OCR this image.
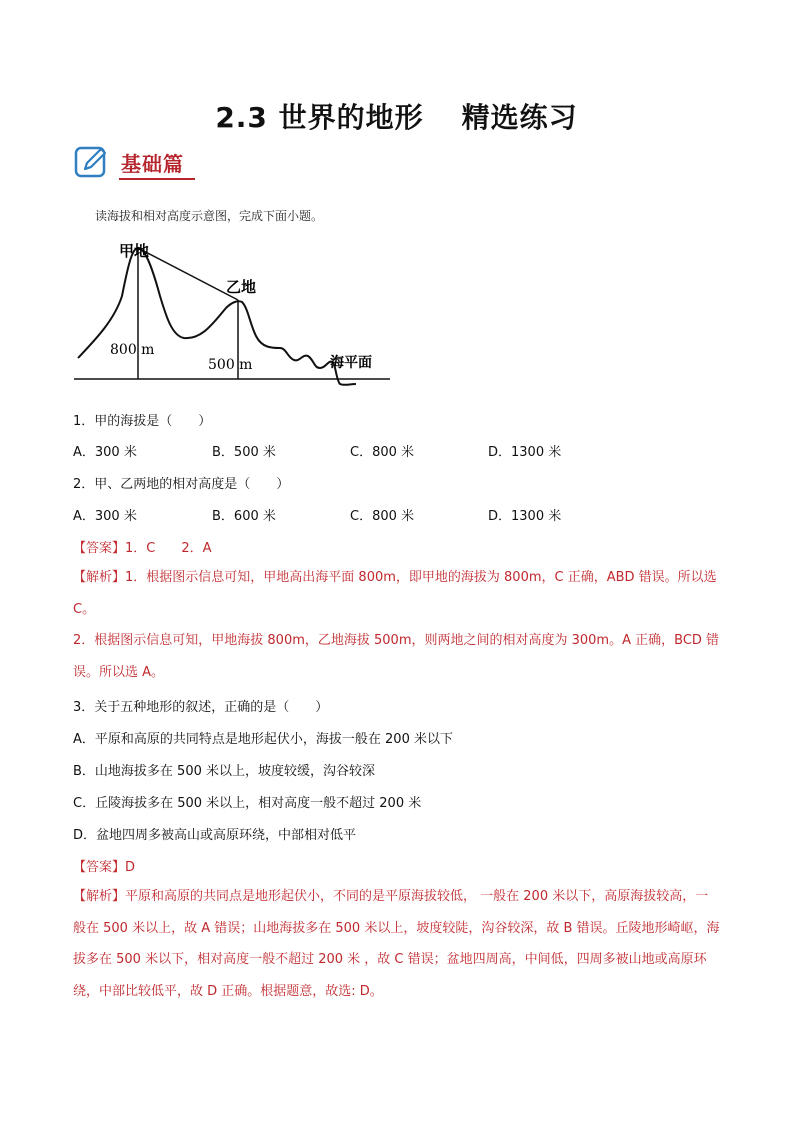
2.3 世界的地形 精选练习
基础篇
读海拔和相对高度示意图，完成下面小题。
甲地
乙地
800 m
500 m	海平面
1．甲的海拔是（　　）
A．300 米	B．500 米	C．800 米	D．1300 米
2．甲、乙两地的相对高度是（　　）
A．300 米	B．600 米	C．800 米	D．1300 米
【答案】1．C　　2．A
【解析】1．根据图示信息可知，甲地高出海平面 800m，即甲地的海拔为 800m，C 正确，ABD 错误。所以选 C。
2．根据图示信息可知，甲地海拔 800m，乙地海拔 500m，则两地之间的相对高度为 300m。A 正确，BCD 错误。所以选 A。
3．关于五种地形的叙述，正确的是（　　）
A．平原和高原的共同特点是地形起伏小，海拔一般在 200 米以下
B．山地海拔多在 500 米以上，坡度较缓，沟谷较深
C．丘陵海拔多在 500 米以上，相对高度一般不超过 200 米
D．盆地四周多被高山或高原环绕，中部相对低平
【答案】D
【解析】平原和高原的共同点是地形起伏小，不同的是平原海拔较低， 一般在 200 米以下，高原海拔较高，一般在 500 米以上，故 A 错误；山地海拔多在 500 米以上，坡度较陡，沟谷较深，故 B 错误。丘陵地形崎岖，海拔多在 500 米以下，相对高度一般不超过 200 米 ，故 C 错误；盆地四周高，中间低，四周多被山地或高原环绕，中部比较低平，故 D 正确。根据题意，故选: D。
